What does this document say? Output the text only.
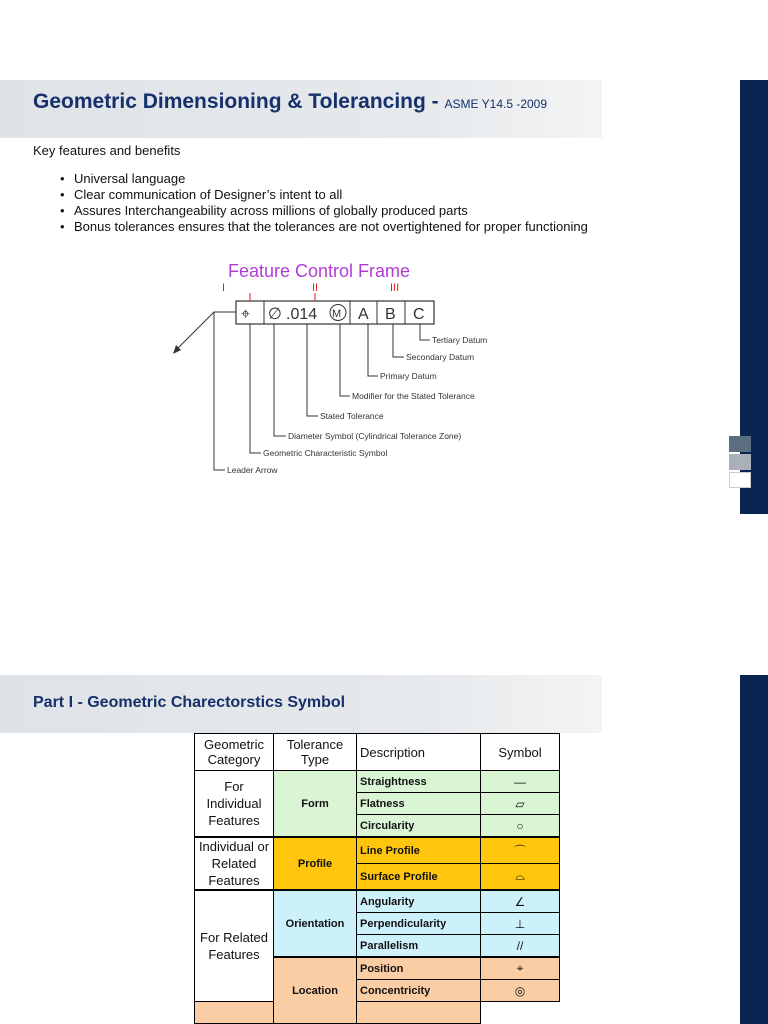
Geometric Dimensioning & Tolerancing - ASME Y14.5 -2009
Key features and benefits
• Universal language
• Clear communication of Designer’s intent to all
• Assures Interchangeability across millions of globally produced parts
• Bonus tolerances ensures that the tolerances are not overtightened for proper functioning
Feature Control Frame
I	II	III
⌖ ∅ .014 M A B C
Tertiary Datum
Secondary Datum
Primary Datum
Modifier for the Stated Tolerance
Stated Tolerance
Diameter Symbol (Cylindrical Tolerance Zone)
Geometric Characteristic Symbol
Leader Arrow
Part I - Geometric Charectorstics Symbol
Geometric Category	Tolerance Type	Description	Symbol
For Individual Features	Form	Straightness	—
		Flatness	▱
		Circularity	○
Individual or Related Features	Profile	Line Profile	⌒
		Surface Profile	⌓
For Related Features	Orientation	Angularity	∠
		Perpendicularity	⊥
		Parallelism	//
	Location	Position	⌖
		Concentricity	◎
